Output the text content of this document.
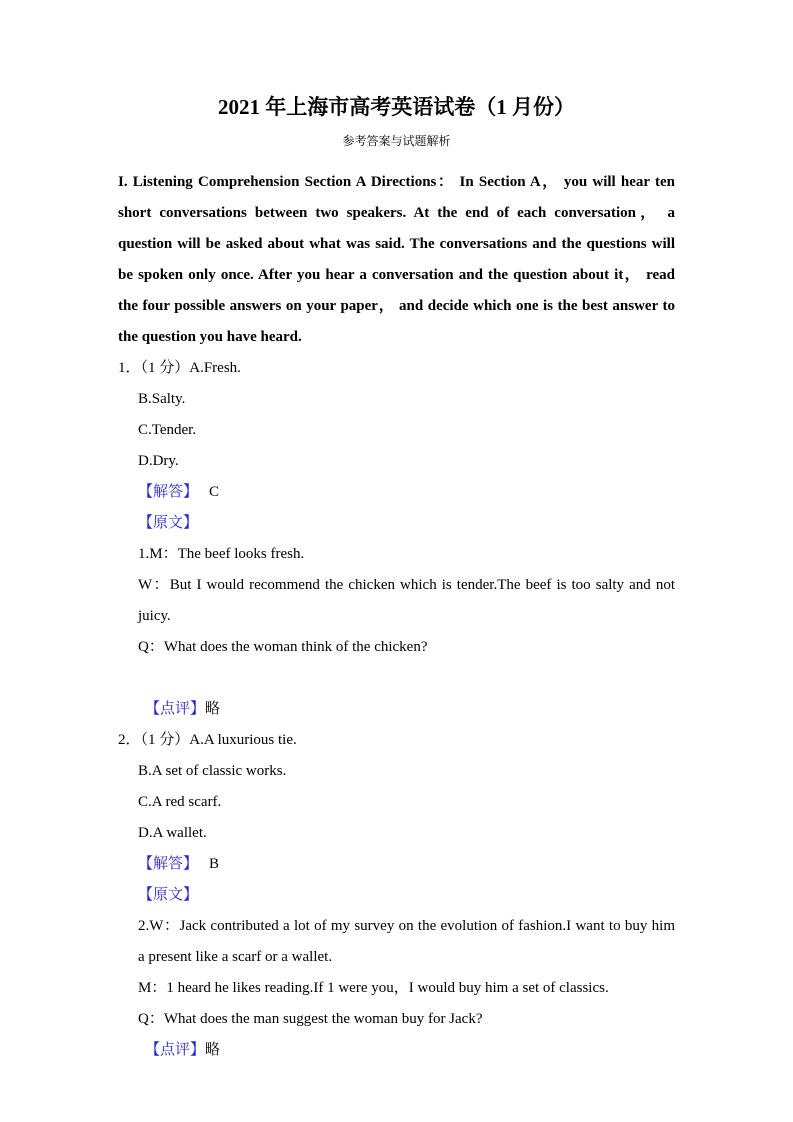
2021 年上海市高考英语试卷（1 月份）
参考答案与试题解析

I. Listening Comprehension Section A Directions： In Section A， you will hear ten short conversations between two speakers. At the end of each conversation， a question will be asked about what was said. The conversations and the questions will be spoken only once. After you hear a conversation and the question about it， read the four possible answers on your paper， and decide which one is the best answer to the question you have heard.

1．（1 分）A.Fresh.

B.Salty.

C.Tender.

D.Dry.

【解答】 C

【原文】

1.M：The beef looks fresh.

W：But I would recommend the chicken which is tender.The beef is too salty and not juicy.

Q：What does the woman think of the chicken?

【点评】略

2．（1 分）A.A luxurious tie.

B.A set of classic works.

C.A red scarf.

D.A wallet.

【解答】 B

【原文】

2.W：Jack contributed a lot of my survey on the evolution of fashion.I want to buy him a present like a scarf or a wallet.

M：1 heard he likes reading.If 1 were you，I would buy him a set of classics.

Q：What does the man suggest the woman buy for Jack?

【点评】略
